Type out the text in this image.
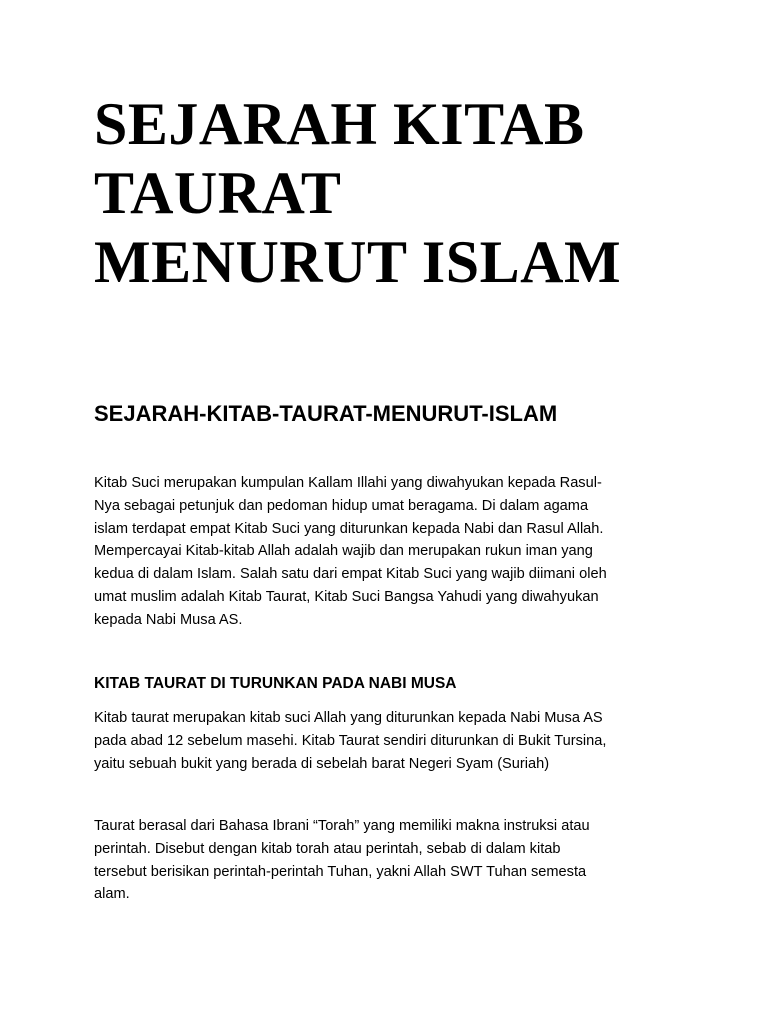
SEJARAH KITAB
TAURAT
MENURUT ISLAM
SEJARAH-KITAB-TAURAT-MENURUT-ISLAM

Kitab Suci merupakan kumpulan Kallam Illahi yang diwahyukan kepada Rasul-
Nya sebagai petunjuk dan pedoman hidup umat beragama. Di dalam agama
islam terdapat empat Kitab Suci yang diturunkan kepada Nabi dan Rasul Allah.
Mempercayai Kitab-kitab Allah adalah wajib dan merupakan rukun iman yang
kedua di dalam Islam. Salah satu dari empat Kitab Suci yang wajib diimani oleh
umat muslim adalah Kitab Taurat, Kitab Suci Bangsa Yahudi yang diwahyukan
kepada Nabi Musa AS.

KITAB TAURAT DI TURUNKAN PADA NABI MUSA

Kitab taurat merupakan kitab suci Allah yang diturunkan kepada Nabi Musa AS
pada abad 12 sebelum masehi. Kitab Taurat sendiri diturunkan di Bukit Tursina,
yaitu sebuah bukit yang berada di sebelah barat Negeri Syam (Suriah)

Taurat berasal dari Bahasa Ibrani “Torah” yang memiliki makna instruksi atau
perintah. Disebut dengan kitab torah atau perintah, sebab di dalam kitab
tersebut berisikan perintah-perintah Tuhan, yakni Allah SWT Tuhan semesta
alam.
